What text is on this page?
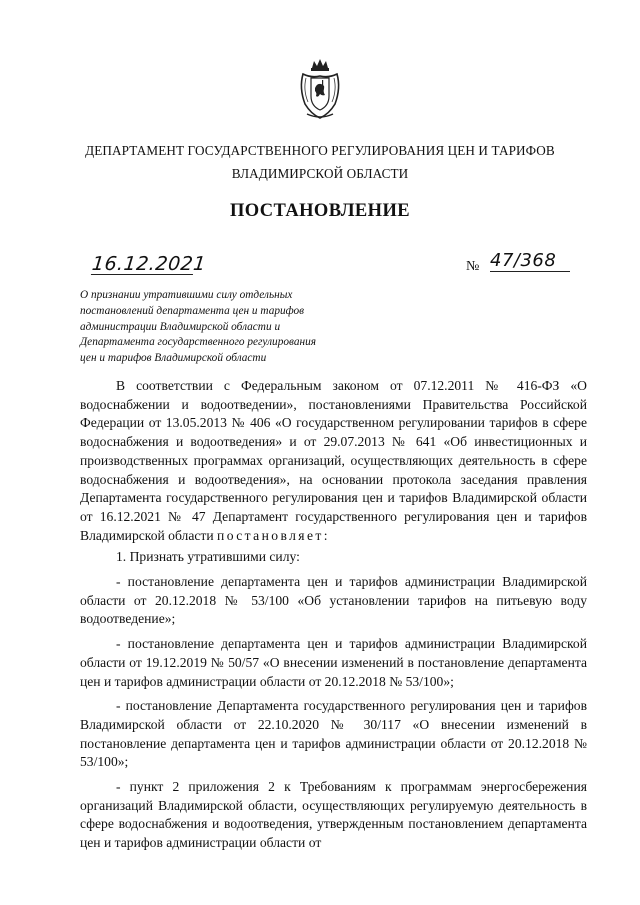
ДЕПАРТАМЕНТ ГОСУДАРСТВЕННОГО РЕГУЛИРОВАНИЯ ЦЕН И ТАРИФОВ
ВЛАДИМИРСКОЙ ОБЛАСТИ
ПОСТАНОВЛЕНИЕ
16.12.2021	№ 47/368
О признании утратившими силу отдельных
постановлений департамента цен и тарифов
администрации Владимирской области и
Департамента государственного регулирования
цен и тарифов Владимирской области

В соответствии с Федеральным законом от 07.12.2011 № 416-ФЗ «О водоснабжении и водоотведении», постановлениями Правительства Российской Федерации от 13.05.2013 № 406 «О государственном регулировании тарифов в сфере водоснабжения и водоотведения» и от 29.07.2013 № 641 «Об инвестиционных и производственных программах организаций, осуществляющих деятельность в сфере водоснабжения и водоотведения», на основании протокола заседания правления Департамента государственного регулирования цен и тарифов Владимирской области от 16.12.2021 № 47 Департамент государственного регулирования цен и тарифов Владимирской области постановляет:

1. Признать утратившими силу:

- постановление департамента цен и тарифов администрации Владимирской области от 20.12.2018 № 53/100 «Об установлении тарифов на питьевую воду водоотведение»;

- постановление департамента цен и тарифов администрации Владимирской области от 19.12.2019 № 50/57 «О внесении изменений в постановление департамента цен и тарифов администрации области от 20.12.2018 № 53/100»;

- постановление Департамента государственного регулирования цен и тарифов Владимирской области от 22.10.2020 № 30/117 «О внесении изменений в постановление департамента цен и тарифов администрации области от 20.12.2018 № 53/100»;

- пункт 2 приложения 2 к Требованиям к программам энергосбережения организаций Владимирской области, осуществляющих регулируемую деятельность в сфере водоснабжения и водоотведения, утвержденным постановлением департамента цен и тарифов администрации области от
